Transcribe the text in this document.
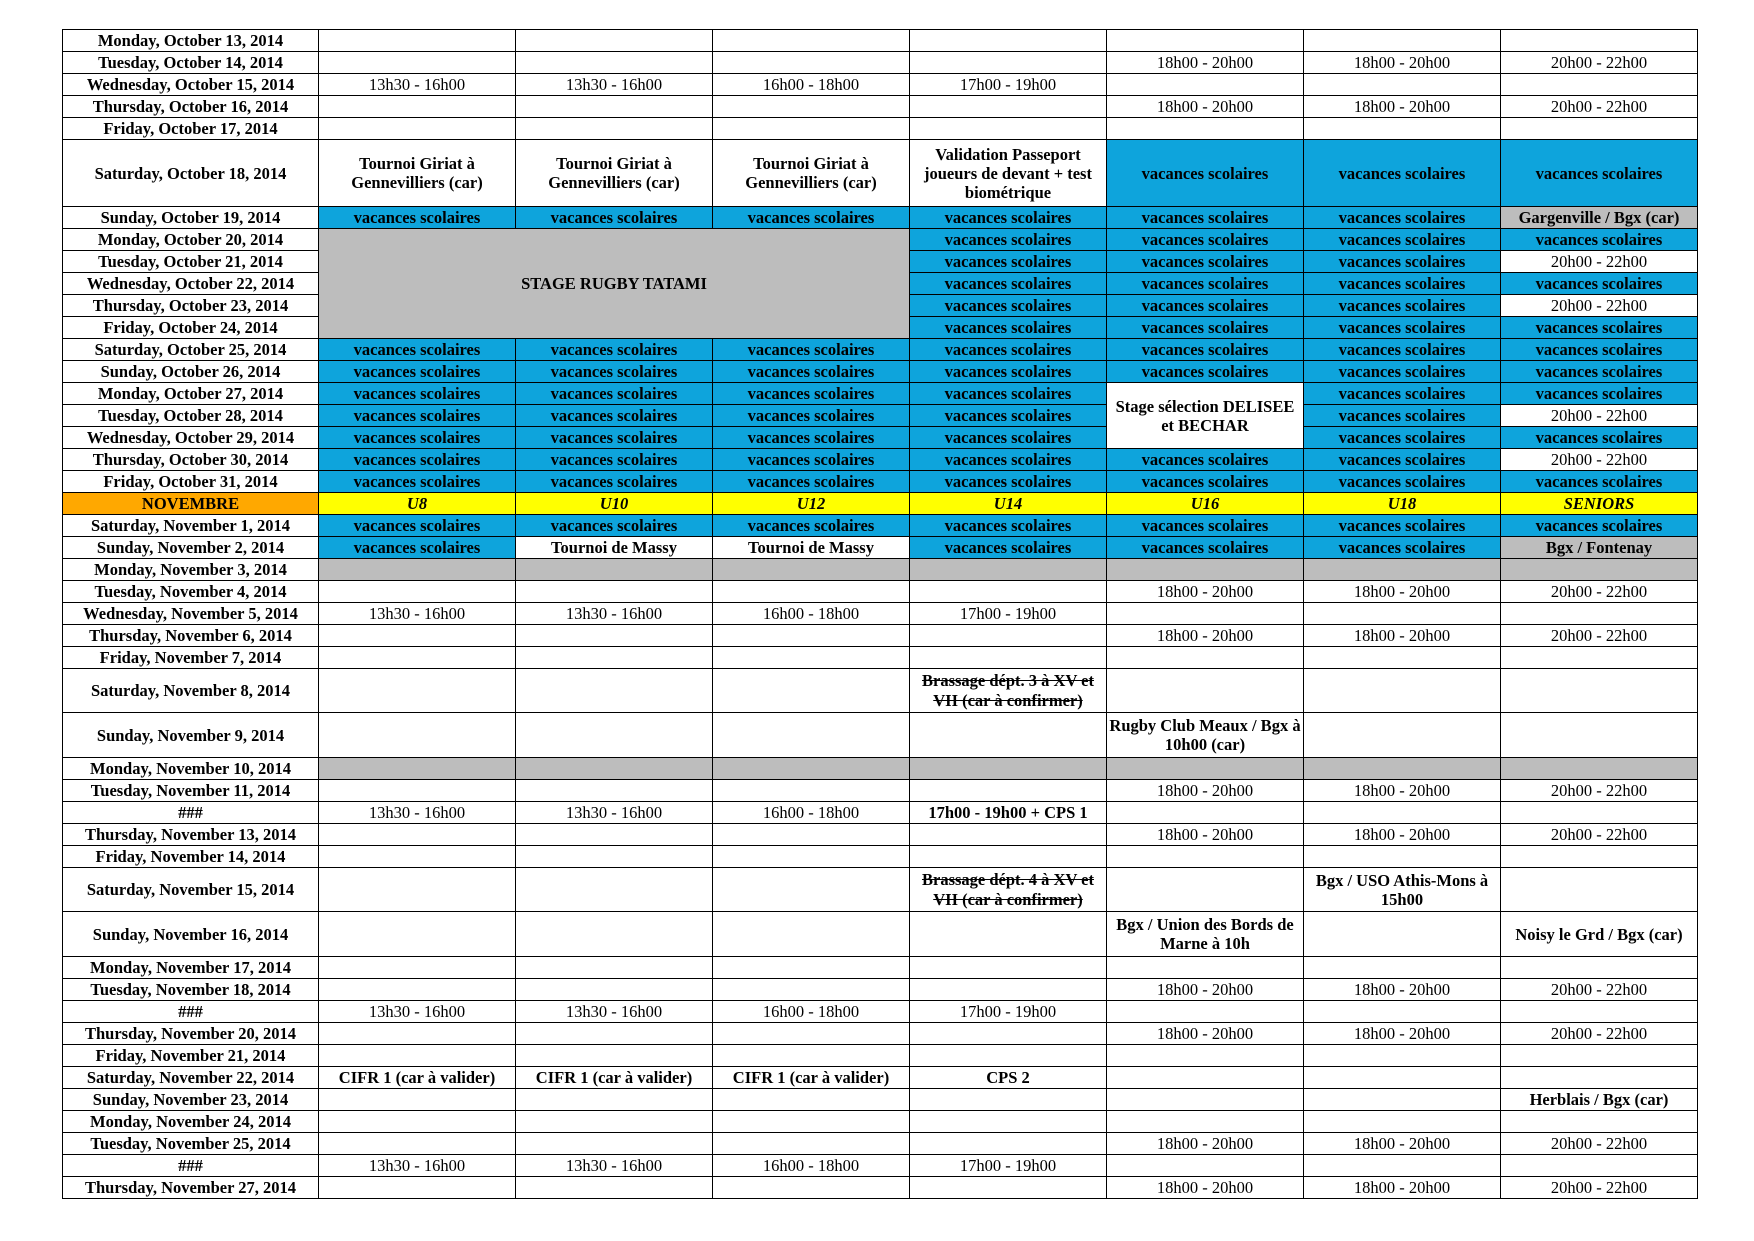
Monday, October 13, 2014							
Tuesday, October 14, 2014					18h00 - 20h00	18h00 - 20h00	20h00 - 22h00
Wednesday, October 15, 2014	13h30 - 16h00	13h30 - 16h00	16h00 - 18h00	17h00 - 19h00			
Thursday, October 16, 2014					18h00 - 20h00	18h00 - 20h00	20h00 - 22h00
Friday, October 17, 2014							
Saturday, October 18, 2014	Tournoi Giriat à Gennevilliers (car)	Tournoi Giriat à Gennevilliers (car)	Tournoi Giriat à Gennevilliers (car)	Validation Passeport joueurs de devant + test biométrique	vacances scolaires	vacances scolaires	vacances scolaires
Sunday, October 19, 2014	vacances scolaires	vacances scolaires	vacances scolaires	vacances scolaires	vacances scolaires	vacances scolaires	Gargenville / Bgx (car)
Monday, October 20, 2014	STAGE RUGBY TATAMI			vacances scolaires	vacances scolaires	vacances scolaires	vacances scolaires
Tuesday, October 21, 2014				vacances scolaires	vacances scolaires	vacances scolaires	20h00 - 22h00
Wednesday, October 22, 2014				vacances scolaires	vacances scolaires	vacances scolaires	vacances scolaires
Thursday, October 23, 2014				vacances scolaires	vacances scolaires	vacances scolaires	20h00 - 22h00
Friday, October 24, 2014				vacances scolaires	vacances scolaires	vacances scolaires	vacances scolaires
Saturday, October 25, 2014	vacances scolaires	vacances scolaires	vacances scolaires	vacances scolaires	vacances scolaires	vacances scolaires	vacances scolaires
Sunday, October 26, 2014	vacances scolaires	vacances scolaires	vacances scolaires	vacances scolaires	vacances scolaires	vacances scolaires	vacances scolaires
Monday, October 27, 2014	vacances scolaires	vacances scolaires	vacances scolaires	vacances scolaires	Stage sélection DELISEE et BECHAR	vacances scolaires	vacances scolaires
Tuesday, October 28, 2014	vacances scolaires	vacances scolaires	vacances scolaires	vacances scolaires		vacances scolaires	20h00 - 22h00
Wednesday, October 29, 2014	vacances scolaires	vacances scolaires	vacances scolaires	vacances scolaires		vacances scolaires	vacances scolaires
Thursday, October 30, 2014	vacances scolaires	vacances scolaires	vacances scolaires	vacances scolaires	vacances scolaires	vacances scolaires	20h00 - 22h00
Friday, October 31, 2014	vacances scolaires	vacances scolaires	vacances scolaires	vacances scolaires	vacances scolaires	vacances scolaires	vacances scolaires
NOVEMBRE	U8	U10	U12	U14	U16	U18	SENIORS
Saturday, November 1, 2014	vacances scolaires	vacances scolaires	vacances scolaires	vacances scolaires	vacances scolaires	vacances scolaires	vacances scolaires
Sunday, November 2, 2014	vacances scolaires	Tournoi de Massy	Tournoi de Massy	vacances scolaires	vacances scolaires	vacances scolaires	Bgx / Fontenay
Monday, November 3, 2014							
Tuesday, November 4, 2014					18h00 - 20h00	18h00 - 20h00	20h00 - 22h00
Wednesday, November 5, 2014	13h30 - 16h00	13h30 - 16h00	16h00 - 18h00	17h00 - 19h00			
Thursday, November 6, 2014					18h00 - 20h00	18h00 - 20h00	20h00 - 22h00
Friday, November 7, 2014							
Saturday, November 8, 2014				Brassage dépt. 3 à XV et VII (car à confirmer)			
Sunday, November 9, 2014					Rugby Club Meaux / Bgx à 10h00 (car)		
Monday, November 10, 2014							
Tuesday, November 11, 2014					18h00 - 20h00	18h00 - 20h00	20h00 - 22h00
###	13h30 - 16h00	13h30 - 16h00	16h00 - 18h00	17h00 - 19h00 + CPS 1			
Thursday, November 13, 2014					18h00 - 20h00	18h00 - 20h00	20h00 - 22h00
Friday, November 14, 2014							
Saturday, November 15, 2014				Brassage dépt. 4 à XV et VII (car à confirmer)		Bgx / USO Athis-Mons à 15h00	
Sunday, November 16, 2014					Bgx / Union des Bords de Marne à 10h		Noisy le Grd / Bgx (car)
Monday, November 17, 2014							
Tuesday, November 18, 2014					18h00 - 20h00	18h00 - 20h00	20h00 - 22h00
###	13h30 - 16h00	13h30 - 16h00	16h00 - 18h00	17h00 - 19h00			
Thursday, November 20, 2014					18h00 - 20h00	18h00 - 20h00	20h00 - 22h00
Friday, November 21, 2014							
Saturday, November 22, 2014	CIFR 1 (car à valider)	CIFR 1 (car à valider)	CIFR 1 (car à valider)	CPS 2			
Sunday, November 23, 2014							Herblais / Bgx (car)
Monday, November 24, 2014							
Tuesday, November 25, 2014					18h00 - 20h00	18h00 - 20h00	20h00 - 22h00
###	13h30 - 16h00	13h30 - 16h00	16h00 - 18h00	17h00 - 19h00			
Thursday, November 27, 2014					18h00 - 20h00	18h00 - 20h00	20h00 - 22h00
